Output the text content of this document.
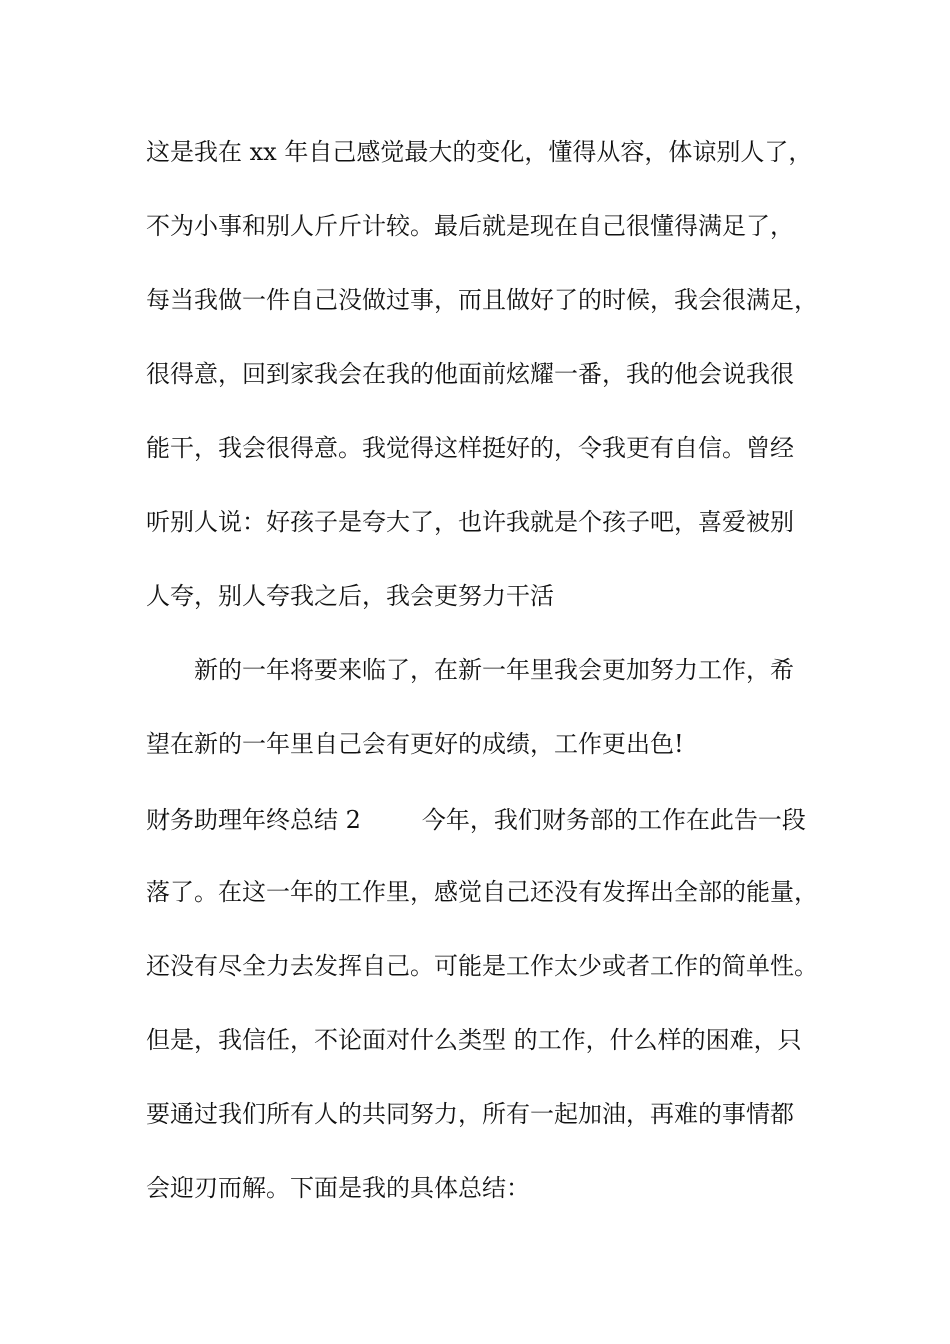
这是我在 xx 年自己感觉最大的变化，懂得从容，体谅别人了，

不为小事和别人斤斤计较。最后就是现在自己很懂得满足了，

每当我做一件自己没做过事，而且做好了的时候，我会很满足，

很得意，回到家我会在我的他面前炫耀一番，我的他会说我很

能干，我会很得意。我觉得这样挺好的，令我更有自信。曾经

听别人说：好孩子是夸大了，也许我就是个孩子吧，喜爱被别

人夸，别人夸我之后，我会更努力干活

新的一年将要来临了，在新一年里我会更加努力工作，希

望在新的一年里自己会有更好的成绩，工作更出色!

财务助理年终总结 2        今年，我们财务部的工作在此告一段

落了。在这一年的工作里，感觉自己还没有发挥出全部的能量，

还没有尽全力去发挥自己。可能是工作太少或者工作的简单性。

但是，我信任，不论面对什么类型 的工作，什么样的困难，只

要通过我们所有人的共同努力，所有一起加油，再难的事情都

会迎刃而解。下面是我的具体总结：
